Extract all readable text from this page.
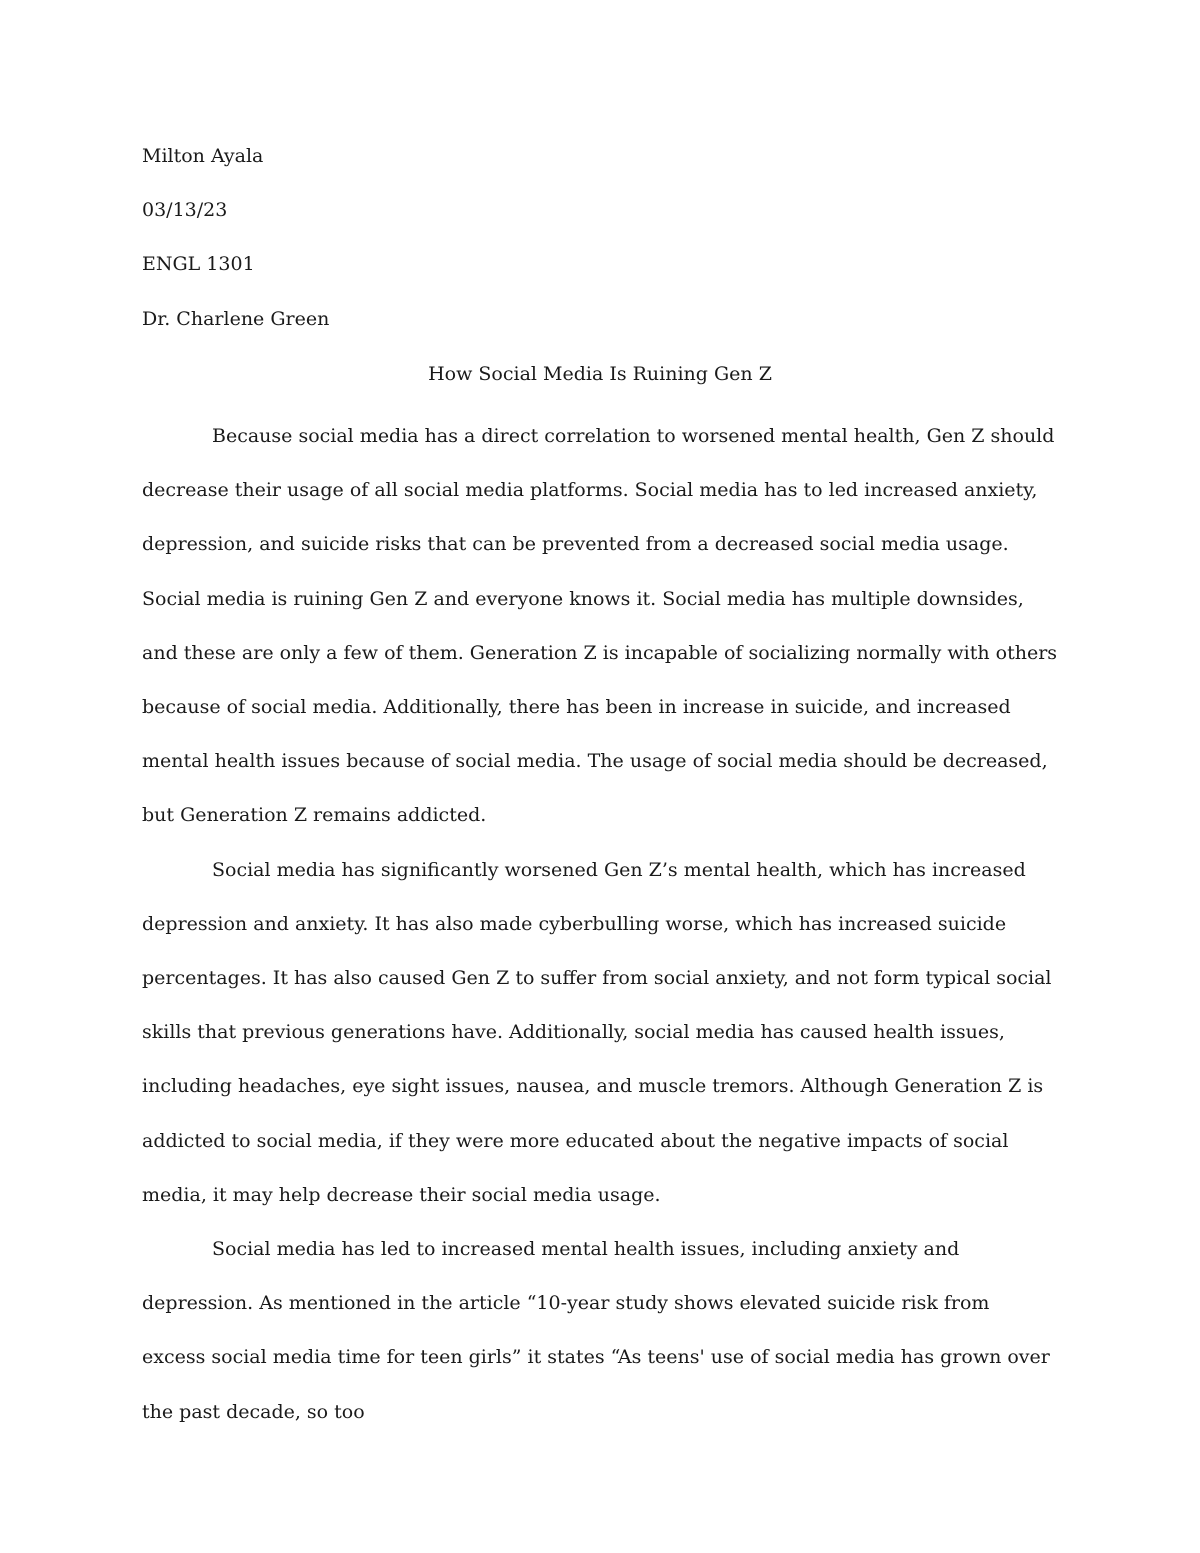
Milton Ayala
03/13/23
ENGL 1301
Dr. Charlene Green
How Social Media Is Ruining Gen Z

Because social media has a direct correlation to worsened mental health, Gen Z should decrease their usage of all social media platforms. Social media has to led increased anxiety, depression, and suicide risks that can be prevented from a decreased social media usage. Social media is ruining Gen Z and everyone knows it. Social media has multiple downsides, and these are only a few of them. Generation Z is incapable of socializing normally with others because of social media. Additionally, there has been in increase in suicide, and increased mental health issues because of social media. The usage of social media should be decreased, but Generation Z remains addicted.

Social media has significantly worsened Gen Z’s mental health, which has increased depression and anxiety. It has also made cyberbulling worse, which has increased suicide percentages. It has also caused Gen Z to suffer from social anxiety, and not form typical social skills that previous generations have. Additionally, social media has caused health issues, including headaches, eye sight issues, nausea, and muscle tremors. Although Generation Z is addicted to social media, if they were more educated about the negative impacts of social media, it may help decrease their social media usage.

Social media has led to increased mental health issues, including anxiety and depression. As mentioned in the article “10-year study shows elevated suicide risk from excess social media time for teen girls” it states “As teens' use of social media has grown over the past decade, so too
